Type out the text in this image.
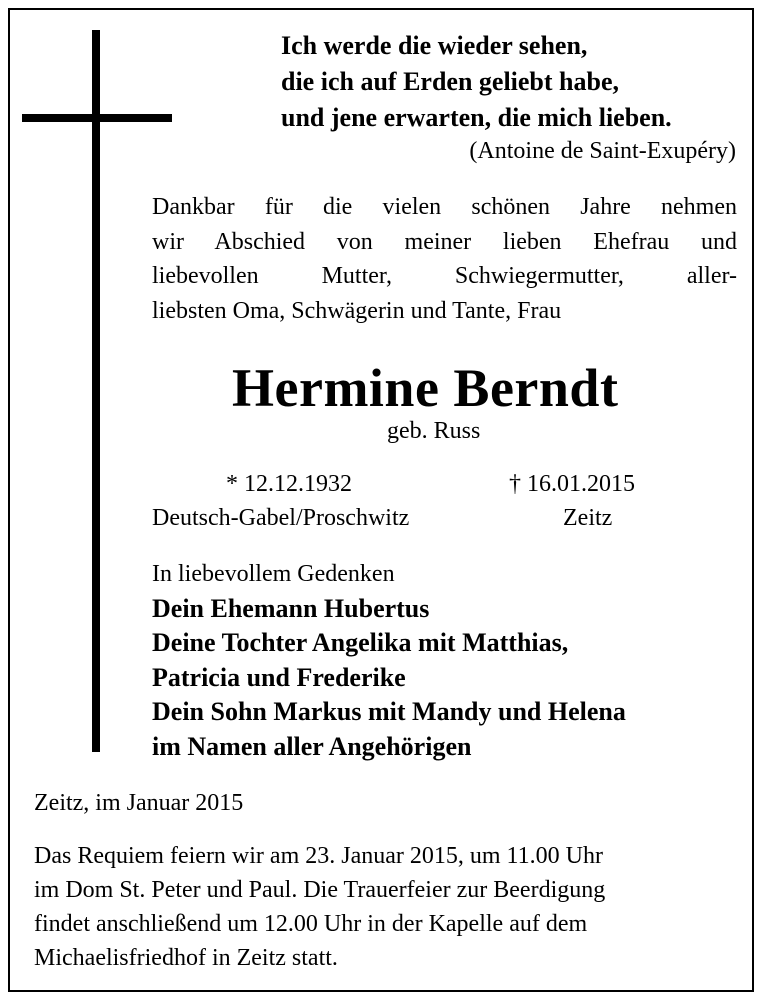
Ich werde die wieder sehen,
die ich auf Erden geliebt habe,
und jene erwarten, die mich lieben.
(Antoine de Saint-Exupéry)

Dankbar für die vielen schönen Jahre nehmen

wir Abschied von meiner lieben Ehefrau und

liebevollen Mutter, Schwiegermutter, aller-

liebsten Oma, Schwägerin und Tante, Frau

Hermine Berndt
geb. Russ
* 12.12.1932	† 16.01.2015
Deutsch-Gabel/Proschwitz	Zeitz
In liebevollem Gedenken
Dein Ehemann Hubertus
Deine Tochter Angelika mit Matthias,
Patricia und Frederike
Dein Sohn Markus mit Mandy und Helena
im Namen aller Angehörigen
Zeitz, im Januar 2015
Das Requiem feiern wir am 23. Januar 2015, um 11.00 Uhr
im Dom St. Peter und Paul. Die Trauerfeier zur Beerdigung
findet anschließend um 12.00 Uhr in der Kapelle auf dem
Michaelisfriedhof in Zeitz statt.
